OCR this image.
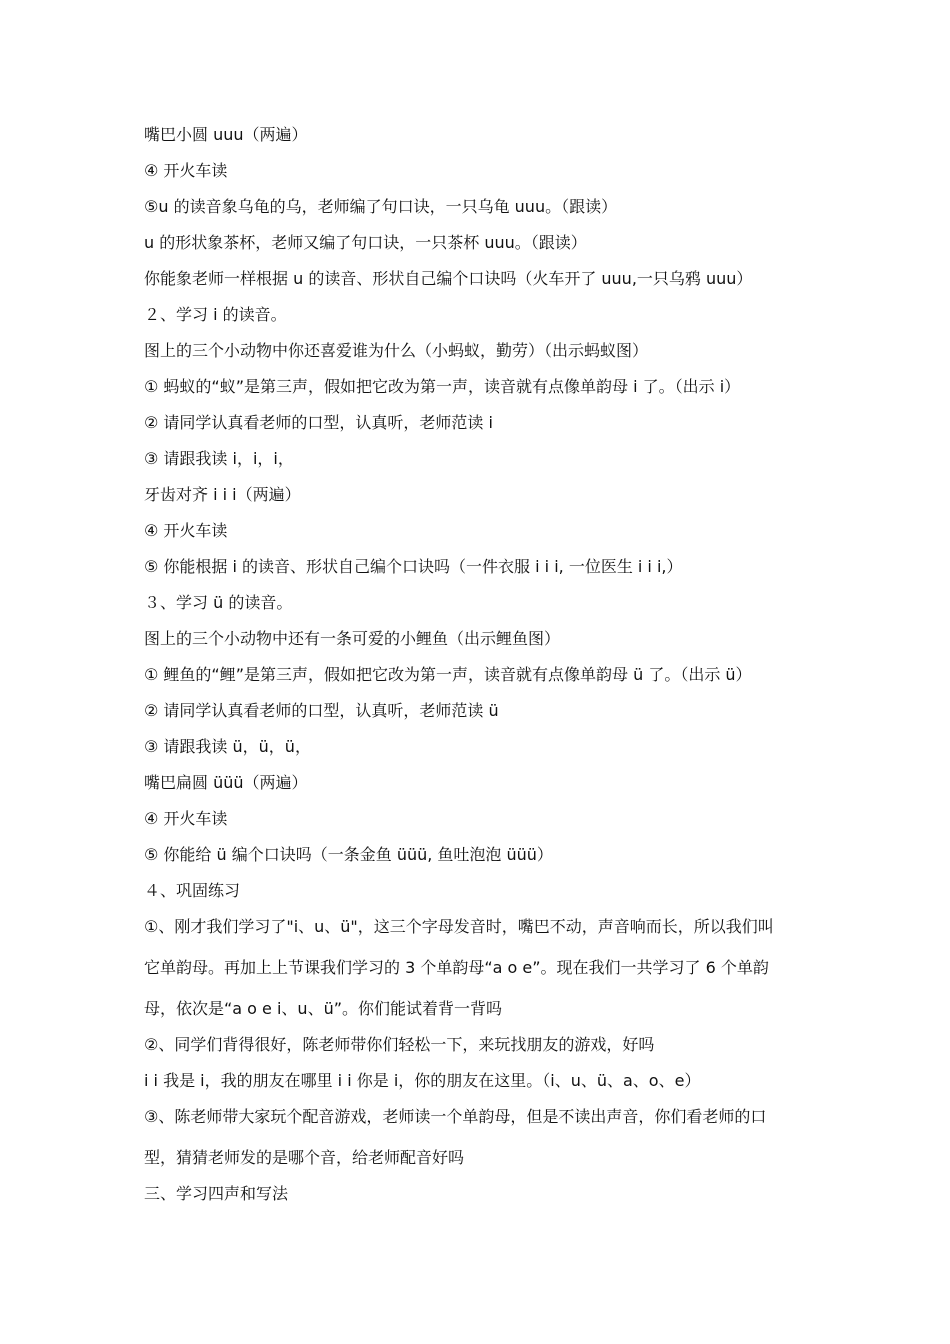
嘴巴小圆 uuu（两遍）
④ 开火车读
⑤u 的读音象乌龟的乌，老师编了句口诀，一只乌龟 uuu。（跟读）
u 的形状象茶杯，老师又编了句口诀，一只茶杯 uuu。（跟读）
你能象老师一样根据 u 的读音、形状自己编个口诀吗（火车开了 uuu,一只乌鸦 uuu）
２、学习 i 的读音。
图上的三个小动物中你还喜爱谁为什么（小蚂蚁，勤劳）（出示蚂蚁图）
① 蚂蚁的“蚁”是第三声，假如把它改为第一声，读音就有点像单韵母 i 了。（出示 i）
② 请同学认真看老师的口型，认真听，老师范读 i
③ 请跟我读 i，i，i，
牙齿对齐 i i i（两遍）
④ 开火车读
⑤ 你能根据 i 的读音、形状自己编个口诀吗（一件衣服 i i i, 一位医生 i i i,）
３、学习 ü 的读音。
图上的三个小动物中还有一条可爱的小鲤鱼（出示鲤鱼图）
① 鲤鱼的“鲤”是第三声，假如把它改为第一声，读音就有点像单韵母 ü 了。（出示 ü）
② 请同学认真看老师的口型，认真听，老师范读 ü
③ 请跟我读 ü，ü，ü，
嘴巴扁圆 üüü（两遍）
④ 开火车读
⑤ 你能给 ü 编个口诀吗（一条金鱼 üüü, 鱼吐泡泡 üüü）
４、巩固练习
①、刚才我们学习了"i、u、ü"，这三个字母发音时，嘴巴不动，声音响而长，所以我们叫
它单韵母。再加上上节课我们学习的 3 个单韵母“a o e”。现在我们一共学习了 6 个单韵
母，依次是“a o e i、u、ü”。你们能试着背一背吗
②、同学们背得很好，陈老师带你们轻松一下，来玩找朋友的游戏，好吗
i i 我是 i，我的朋友在哪里 i i 你是 i，你的朋友在这里。（i、u、ü、a、o、e）
③、陈老师带大家玩个配音游戏，老师读一个单韵母，但是不读出声音，你们看老师的口
型，猜猜老师发的是哪个音，给老师配音好吗
三、学习四声和写法
